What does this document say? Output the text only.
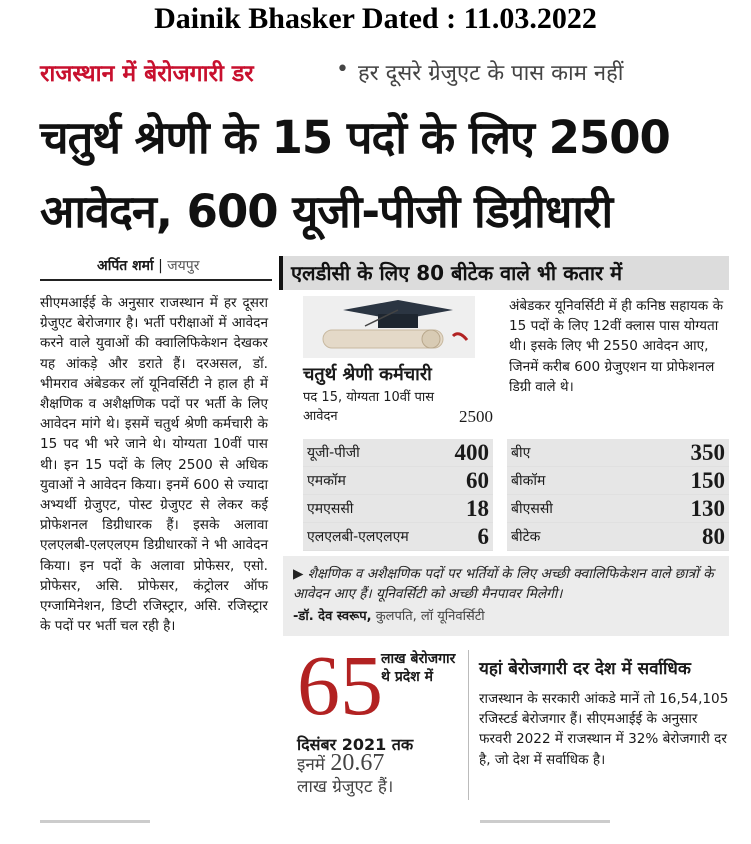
Dainik Bhasker Dated : 11.03.2022
राजस्थान में बेरोजगारी डर	• हर दूसरे ग्रेजुएट के पास काम नहीं
चतुर्थ श्रेणी के 15 पदों के लिए 2500
आवेदन, 600 यूजी-पीजी डिग्रीधारी
अर्पित शर्मा | जयपुर
सीएमआईई के अनुसार राजस्थान में हर दूसरा ग्रेजुएट बेरोजगार है। भर्ती परीक्षाओं में आवेदन करने वाले युवाओं की क्वालिफिकेशन देखकर यह आंकड़े और डराते हैं। दरअसल, डॉ. भीमराव अंबेडकर लॉ यूनिवर्सिटी ने हाल ही में शैक्षणिक व अशैक्षणिक पदों पर भर्ती के लिए आवेदन मांगे थे। इसमें चतुर्थ श्रेणी कर्मचारी के 15 पद भी भरे जाने थे। योग्यता 10वीं पास थी। इन 15 पदों के लिए 2500 से अधिक युवाओं ने आवेदन किया। इनमें 600 से ज्यादा अभ्यर्थी ग्रेजुएट, पोस्ट ग्रेजुएट से लेकर कई प्रोफेशनल डिग्रीधारक हैं। इसके अलावा एलएलबी-एलएलएम डिग्रीधारकों ने भी आवेदन किया। इन पदों के अलावा प्रोफेसर, एसो. प्रोफेसर, असि. प्रोफेसर, कंट्रोलर ऑफ एग्जामिनेशन, डिप्टी रजिस्ट्रार, असि. रजिस्ट्रार के पदों पर भर्ती चल रही है।
एलडीसी के लिए 80 बीटेक वाले भी कतार में
चतुर्थ श्रेणी कर्मचारी
पद 15, योग्यता 10वीं पास
आवेदन	2500
अंबेडकर यूनिवर्सिटी में ही कनिष्ठ सहायक के 15 पदों के लिए 12वीं क्लास पास योग्यता थी। इसके लिए भी 2550 आवेदन आए, जिनमें करीब 600 ग्रेजुएशन या प्रोफेशनल डिग्री वाले थे।
यूजी-पीजी	400
एमकॉम	60
एमएससी	18
एलएलबी-एलएलएम	6
बीए	350
बीकॉम	150
बीएससी	130
बीटेक	80
▶ शैक्षणिक व अशैक्षणिक पदों पर भर्तियों के लिए अच्छी क्वालिफिकेशन वाले छात्रों के आवेदन आए हैं। यूनिवर्सिटी को अच्छी मैनपावर मिलेगी।
-डॉ. देव स्वरूप, कुलपति, लॉ यूनिवर्सिटी
65
लाख बेरोजगार थे प्रदेश में
दिसंबर 2021 तक
इनमें 20.67
लाख ग्रेजुएट हैं।
यहां बेरोजगारी दर देश में सर्वाधिक
राजस्थान के सरकारी आंकडे मानें तो 16,54,105 रजिस्टर्ड बेरोजगार हैं। सीएमआईई के अनुसार फरवरी 2022 में राजस्थान में 32% बेरोजगारी दर है, जो देश में सर्वाधिक है।
